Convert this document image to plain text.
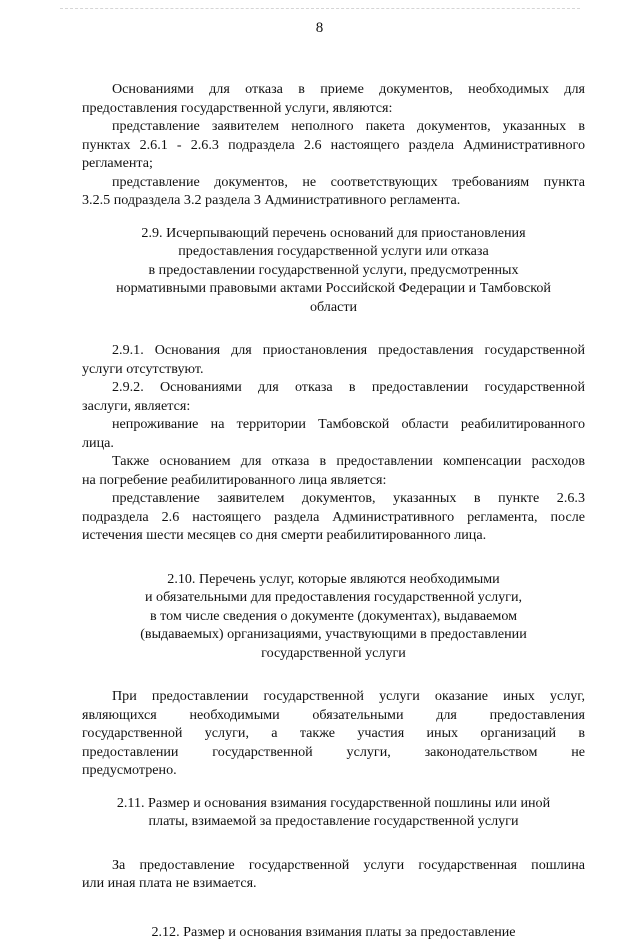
8

Основаниями для отказа в приеме документов, необходимых для

предоставления государственной услуги, являются:

представление заявителем неполного пакета документов, указанных в

пунктах 2.6.1 - 2.6.3 подраздела 2.6 настоящего раздела Административного

регламента;

представление документов, не соответствующих требованиям пункта

3.2.5 подраздела 3.2 раздела 3 Административного регламента.

2.9. Исчерпывающий перечень оснований для приостановления

предоставления государственной услуги или отказа

в предоставлении государственной услуги, предусмотренных

нормативными правовыми актами Российской Федерации и Тамбовской

области

2.9.1. Основания для приостановления предоставления государственной

услуги отсутствуют.

2.9.2. Основаниями для отказа в предоставлении государственной

заслуги, является:

непроживание на территории Тамбовской области реабилитированного

лица.

Также основанием для отказа в предоставлении компенсации расходов

на погребение реабилитированного лица является:

представление заявителем документов, указанных в пункте 2.6.3

подраздела 2.6 настоящего раздела Административного регламента, после

истечения шести месяцев со дня смерти реабилитированного лица.

2.10. Перечень услуг, которые являются необходимыми

и обязательными для предоставления государственной услуги,

в том числе сведения о документе (документах), выдаваемом

(выдаваемых) организациями, участвующими в предоставлении

государственной услуги

При предоставлении государственной услуги оказание иных услуг,

являющихся необходимыми обязательными для предоставления

государственной услуги, а также участия иных организаций в

предоставлении государственной услуги, законодательством не

предусмотрено.

2.11. Размер и основания взимания государственной пошлины или иной

платы, взимаемой за предоставление государственной услуги

За предоставление государственной услуги государственная пошлина

или иная плата не взимается.

2.12. Размер и основания взимания платы за предоставление
